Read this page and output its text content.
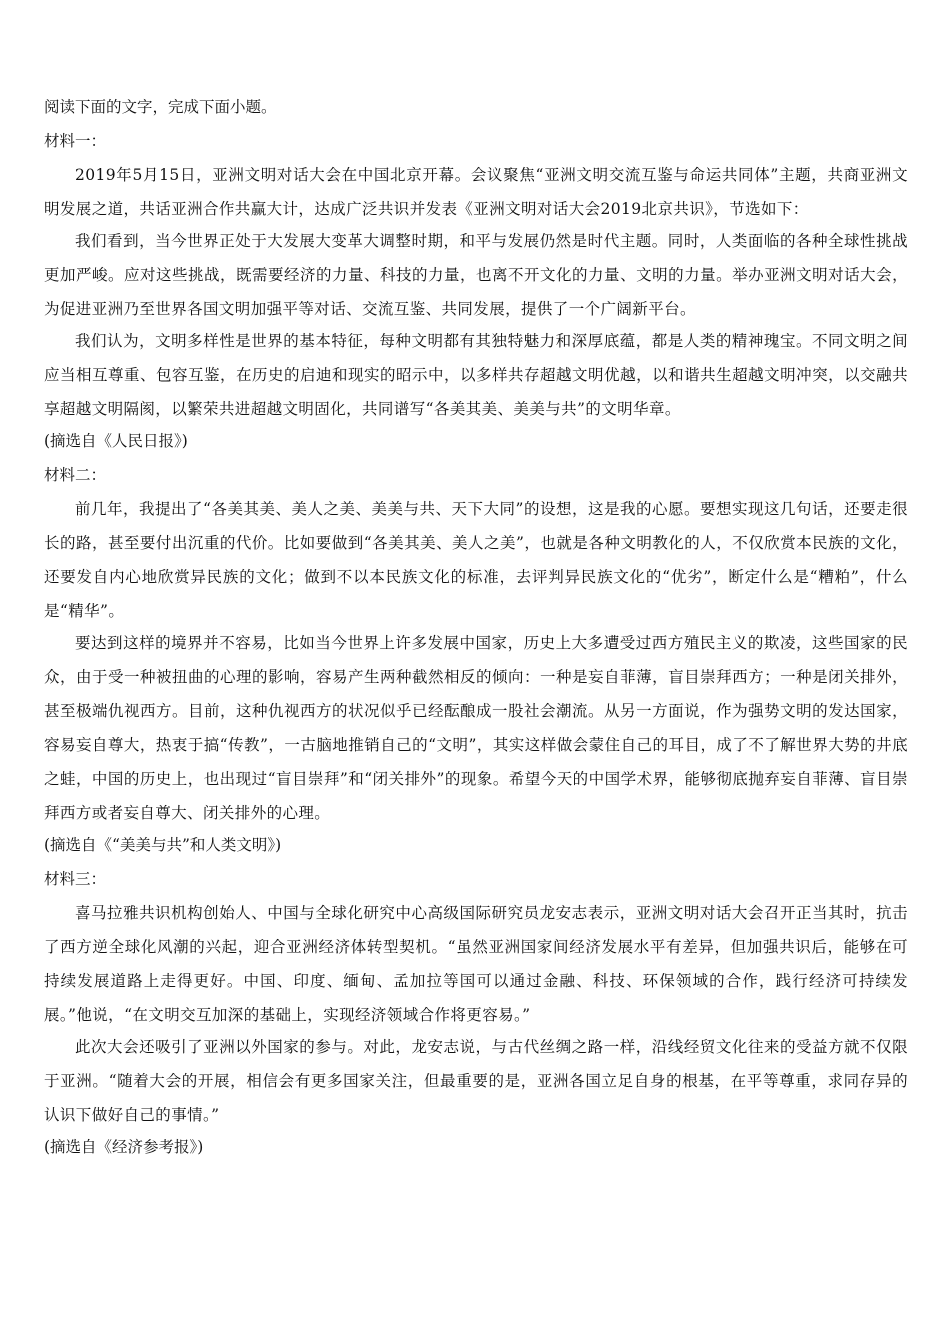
阅读下面的文字，完成下面小题。
材料一：

2019年5月15日，亚洲文明对话大会在中国北京开幕。会议聚焦“亚洲文明交流互鉴与命运共同体”主题，共商亚洲文明发展之道，共话亚洲合作共赢大计，达成广泛共识并发表《亚洲文明对话大会2019北京共识》，节选如下：

我们看到，当今世界正处于大发展大变革大调整时期，和平与发展仍然是时代主题。同时，人类面临的各种全球性挑战更加严峻。应对这些挑战，既需要经济的力量、科技的力量，也离不开文化的力量、文明的力量。举办亚洲文明对话大会，为促进亚洲乃至世界各国文明加强平等对话、交流互鉴、共同发展，提供了一个广阔新平台。

我们认为，文明多样性是世界的基本特征，每种文明都有其独特魅力和深厚底蕴，都是人类的精神瑰宝。不同文明之间应当相互尊重、包容互鉴，在历史的启迪和现实的昭示中，以多样共存超越文明优越，以和谐共生超越文明冲突，以交融共享超越文明隔阂，以繁荣共进超越文明固化，共同谱写“各美其美、美美与共”的文明华章。

(摘选自《人民日报》)
材料二：

前几年，我提出了“各美其美、美人之美、美美与共、天下大同”的设想，这是我的心愿。要想实现这几句话，还要走很长的路，甚至要付出沉重的代价。比如要做到“各美其美、美人之美”，也就是各种文明教化的人，不仅欣赏本民族的文化，还要发自内心地欣赏异民族的文化；做到不以本民族文化的标准，去评判异民族文化的“优劣”，断定什么是“糟粕”，什么是“精华”。

要达到这样的境界并不容易，比如当今世界上许多发展中国家，历史上大多遭受过西方殖民主义的欺凌，这些国家的民众，由于受一种被扭曲的心理的影响，容易产生两种截然相反的倾向：一种是妄自菲薄，盲目崇拜西方；一种是闭关排外，甚至极端仇视西方。目前，这种仇视西方的状况似乎已经酝酿成一股社会潮流。从另一方面说，作为强势文明的发达国家，容易妄自尊大，热衷于搞“传教”，一古脑地推销自己的“文明”，其实这样做会蒙住自己的耳目，成了不了解世界大势的井底之蛙，中国的历史上，也出现过“盲目崇拜”和“闭关排外”的现象。希望今天的中国学术界，能够彻底抛弃妄自菲薄、盲目崇拜西方或者妄自尊大、闭关排外的心理。

(摘选自《“美美与共”和人类文明》)
材料三：

喜马拉雅共识机构创始人、中国与全球化研究中心高级国际研究员龙安志表示，亚洲文明对话大会召开正当其时，抗击了西方逆全球化风潮的兴起，迎合亚洲经济体转型契机。“虽然亚洲国家间经济发展水平有差异，但加强共识后，能够在可持续发展道路上走得更好。中国、印度、缅甸、孟加拉等国可以通过金融、科技、环保领域的合作，践行经济可持续发展。”他说，“在文明交互加深的基础上，实现经济领域合作将更容易。”

此次大会还吸引了亚洲以外国家的参与。对此，龙安志说，与古代丝绸之路一样，沿线经贸文化往来的受益方就不仅限于亚洲。“随着大会的开展，相信会有更多国家关注，但最重要的是，亚洲各国立足自身的根基，在平等尊重，求同存异的认识下做好自己的事情。”

(摘选自《经济参考报》)
